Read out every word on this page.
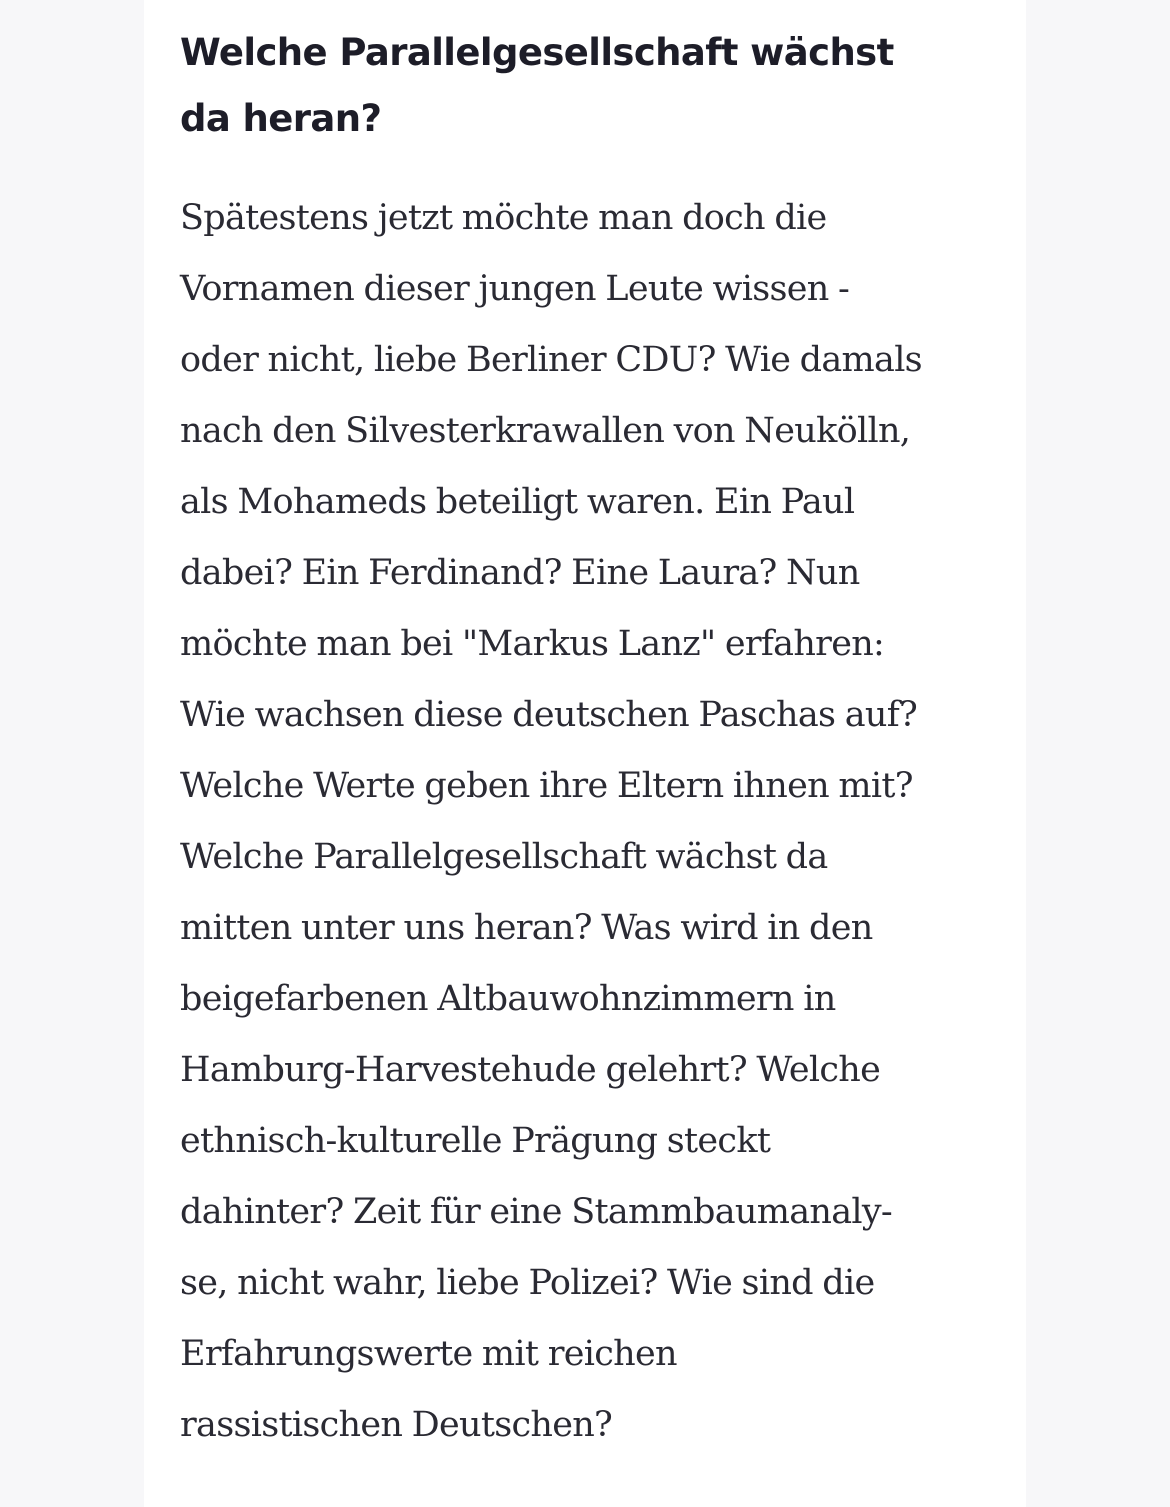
Welche Parallelgesellschaft wächst
da heran?

Spätestens jetzt möchte man doch die
Vornamen dieser jungen Leute wissen -
oder nicht, liebe Berliner CDU? Wie damals
nach den Silvesterkrawallen von Neukölln,
als Mohameds beteiligt waren. Ein Paul
dabei? Ein Ferdinand? Eine Laura? Nun
möchte man bei "Markus Lanz" erfahren:
Wie wachsen diese deutschen Paschas auf?
Welche Werte geben ihre Eltern ihnen mit?
Welche Parallelgesellschaft wächst da
mitten unter uns heran? Was wird in den
beigefarbenen Altbauwohnzimmern in
Hamburg-Harvestehude gelehrt? Welche
ethnisch-kulturelle Prägung steckt
dahinter? Zeit für eine Stammbaumanaly-
se, nicht wahr, liebe Polizei? Wie sind die
Erfahrungswerte mit reichen
rassistischen Deutschen?
